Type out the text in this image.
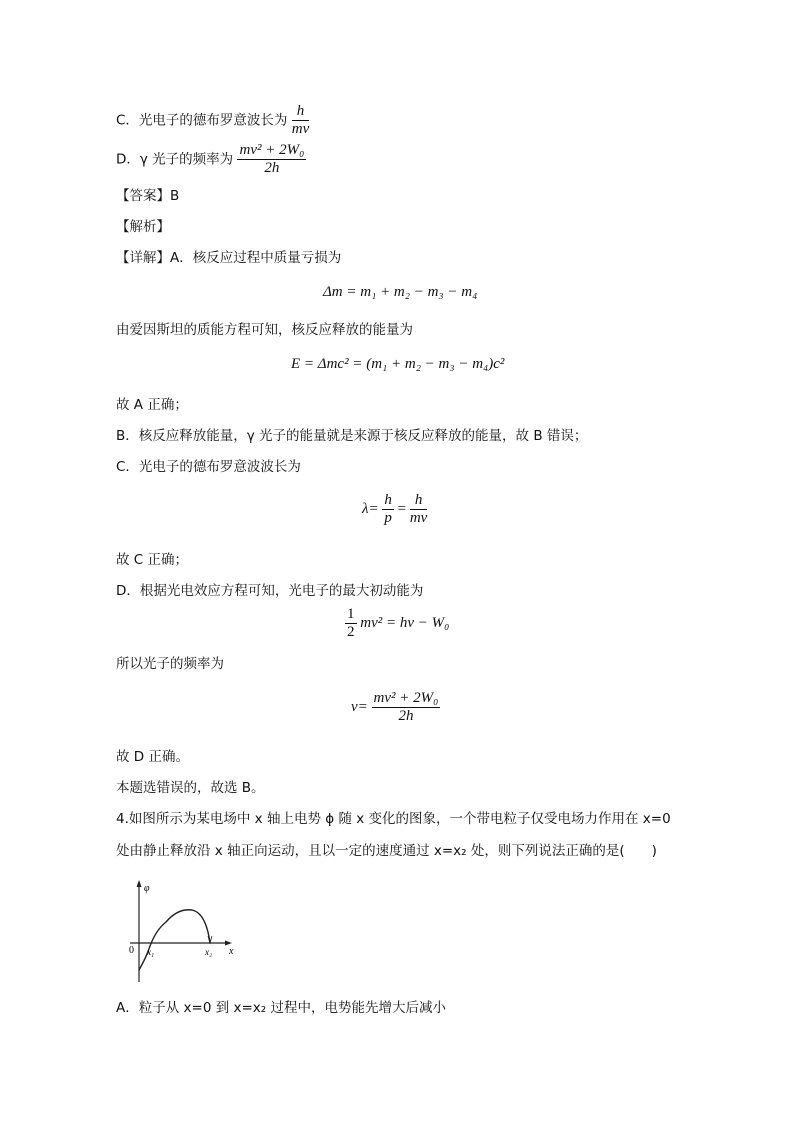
C．光电子的德布罗意波长为 $\frac{h}{mv}$
D．γ 光子的频率为 $\frac{\text{mv² + 2W₀}}{2h}$
【答案】B
【解析】
【详解】A．核反应过程中质量亏损为
Δm = m₁ + m₂ − m₃ − m₄
由爱因斯坦的质能方程可知，核反应释放的能量为
E = Δmc² = (m₁ + m₂ − m₃ − m₄)c²
故 A 正确；
B．核反应释放能量，γ 光子的能量就是来源于核反应释放的能量，故 B 错误；
C．光电子的德布罗意波波长为
$\lambda= \frac{h}{p} = \frac{h}{mv}$
故 C 正确；
D．根据光电效应方程可知，光电子的最大初动能为
$\frac{1}{2} mv^2 = h\nu - W_0$
所以光子的频率为
$\nu= \frac{\text{mv² + 2W₀}}{2h}$
故 D 正确。
本题选错误的，故选 B。
4.如图所示为某电场中 x 轴上电势 ϕ 随 x 变化的图象，一个带电粒子仅受电场力作用在 x=0
处由静止释放沿 x 轴正向运动，且以一定的速度通过 x=x₂ 处，则下列说法正确的是(　　)
φ
x
0 x₁	x₂
A．粒子从 x=0 到 x=x₂ 过程中，电势能先增大后减小
